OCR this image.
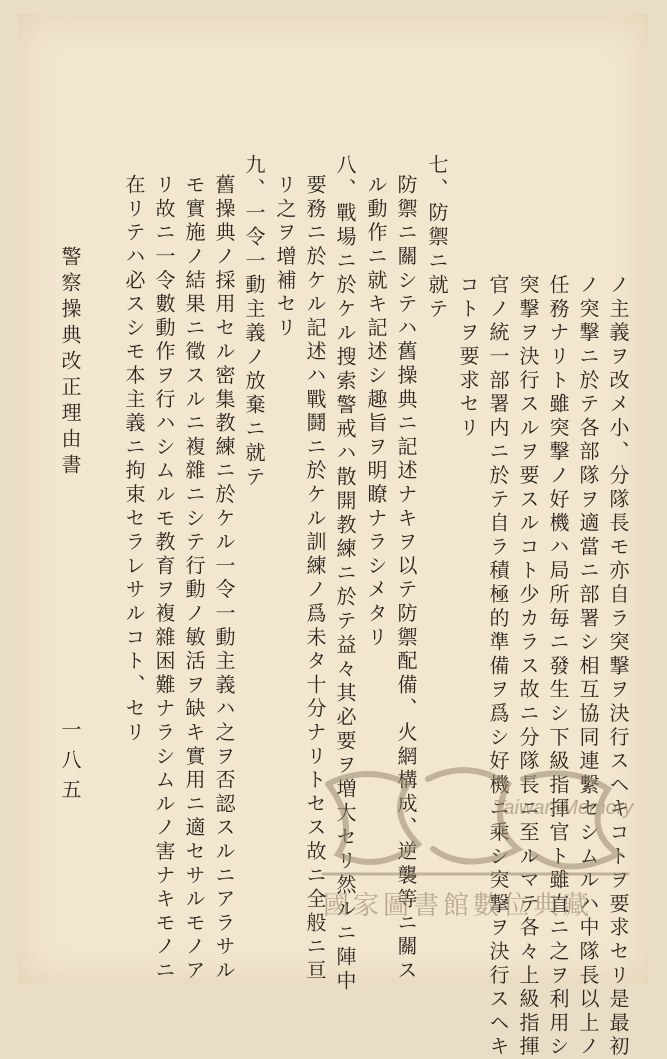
ノ主義ヲ改メ小、分隊長モ亦自ラ突撃ヲ決行スヘキコトヲ要求セリ是最初
ノ突撃ニ於テ各部隊ヲ適當ニ部署シ相互協同連繫セシムルハ中隊長以上ノ
任務ナリト雖突撃ノ好機ハ局所毎ニ發生シ下級指揮官ト雖直ニ之ヲ利用シ
突撃ヲ決行スルヲ要スルコト少カラス故ニ分隊長ニ至ルマテ各々上級指揮
官ノ統一部署内ニ於テ自ラ積極的準備ヲ爲シ好機ニ乘シ突撃ヲ決行スヘキ
コトヲ要求セリ
七、防禦ニ就テ
防禦ニ關シテハ舊操典ニ記述ナキヲ以テ防禦配備、火網構成、逆襲等ニ關ス
ル動作ニ就キ記述シ趣旨ヲ明瞭ナラシメタリ
八、戰場ニ於ケル搜索警戒ハ散開教練ニ於テ益々其必要ヲ増大セリ然ルニ陣中
要務ニ於ケル記述ハ戰鬪ニ於ケル訓練ノ爲未タ十分ナリトセス故ニ全般ニ亘
リ之ヲ增補セリ
九、一令一動主義ノ放棄ニ就テ
舊操典ノ採用セル密集教練ニ於ケル一令一動主義ハ之ヲ否認スルニアラサル
モ實施ノ結果ニ徵スルニ複雜ニシテ行動ノ敏活ヲ缺キ實用ニ適セサルモノア
リ故ニ一令數動作ヲ行ハシムルモ教育ヲ複雜困難ナラシムルノ害ナキモノニ
在リテハ必スシモ本主義ニ拘束セラレサルコト、セリ
警察操典改正理由書
一八五	Taiwan Memory
國家圖書館數位典藏
